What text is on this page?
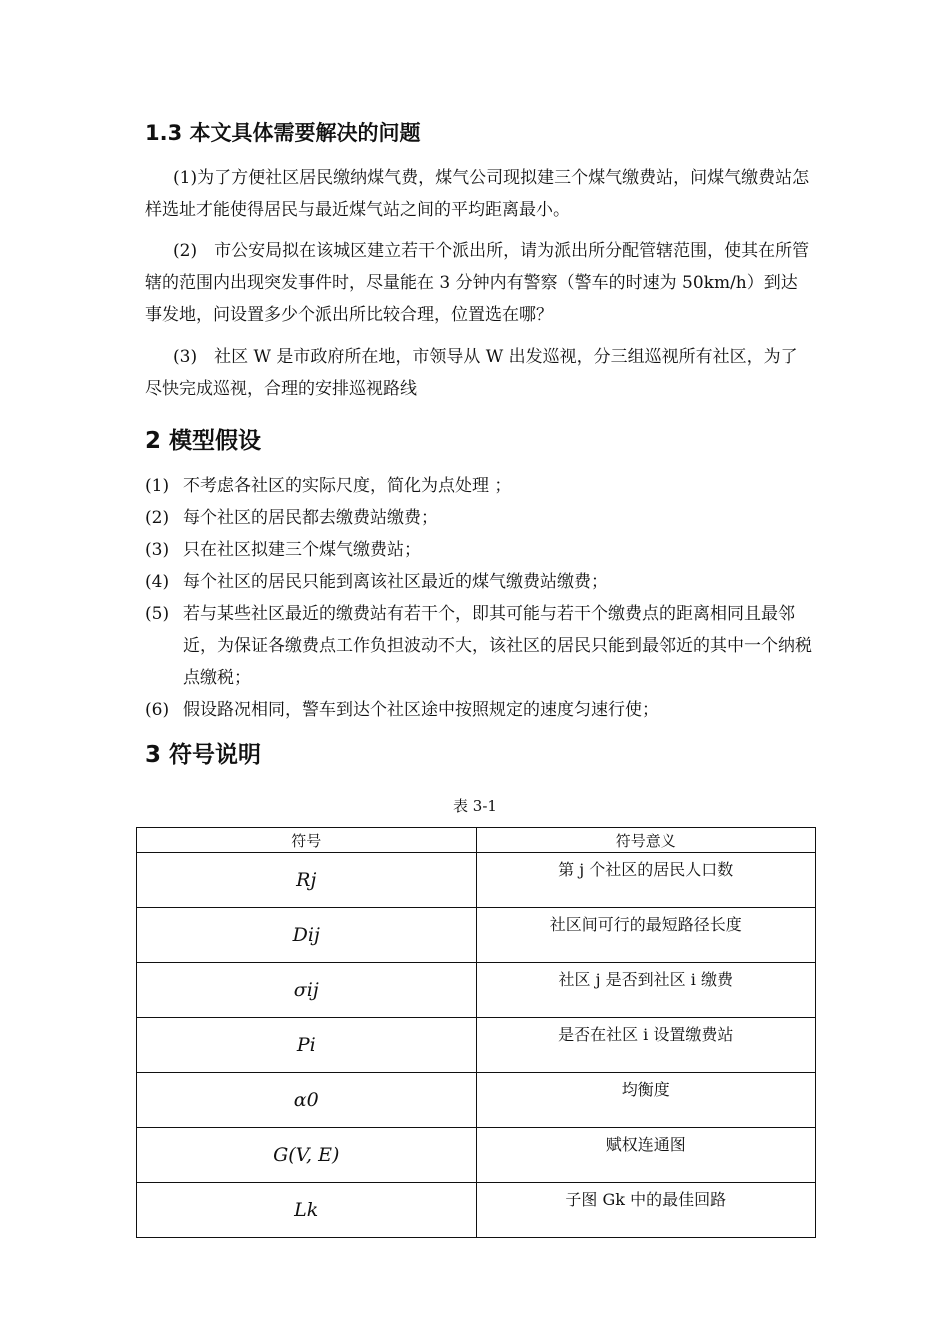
1.3 本文具体需要解决的问题

(1)为了方便社区居民缴纳煤气费，煤气公司现拟建三个煤气缴费站，问煤气缴费站怎样选址才能使得居民与最近煤气站之间的平均距离最小。

(2)　市公安局拟在该城区建立若干个派出所，请为派出所分配管辖范围，使其在所管辖的范围内出现突发事件时，尽量能在 3 分钟内有警察（警车的时速为 50km/h）到达事发地，问设置多少个派出所比较合理，位置选在哪？

(3)　社区 W 是市政府所在地，市领导从 W 出发巡视，分三组巡视所有社区，为了尽快完成巡视，合理的安排巡视路线

2 模型假设
(1) 不考虑各社区的实际尺度，简化为点处理 ；
(2) 每个社区的居民都去缴费站缴费；
(3) 只在社区拟建三个煤气缴费站；
(4) 每个社区的居民只能到离该社区最近的煤气缴费站缴费；
(5) 若与某些社区最近的缴费站有若干个，即其可能与若干个缴费点的距离相同且最邻近，为保证各缴费点工作负担波动不大，该社区的居民只能到最邻近的其中一个纳税点缴税；
(6) 假设路况相同，警车到达个社区途中按照规定的速度匀速行使；
3 符号说明
表 3-1
符号	符号意义
Rj	第 j 个社区的居民人口数
Dij	社区间可行的最短路径长度
σij	社区 j 是否到社区 i 缴费
Pi	是否在社区 i 设置缴费站
α0	均衡度
G(V, E)	赋权连通图
Lk	子图 Gk 中的最佳回路
